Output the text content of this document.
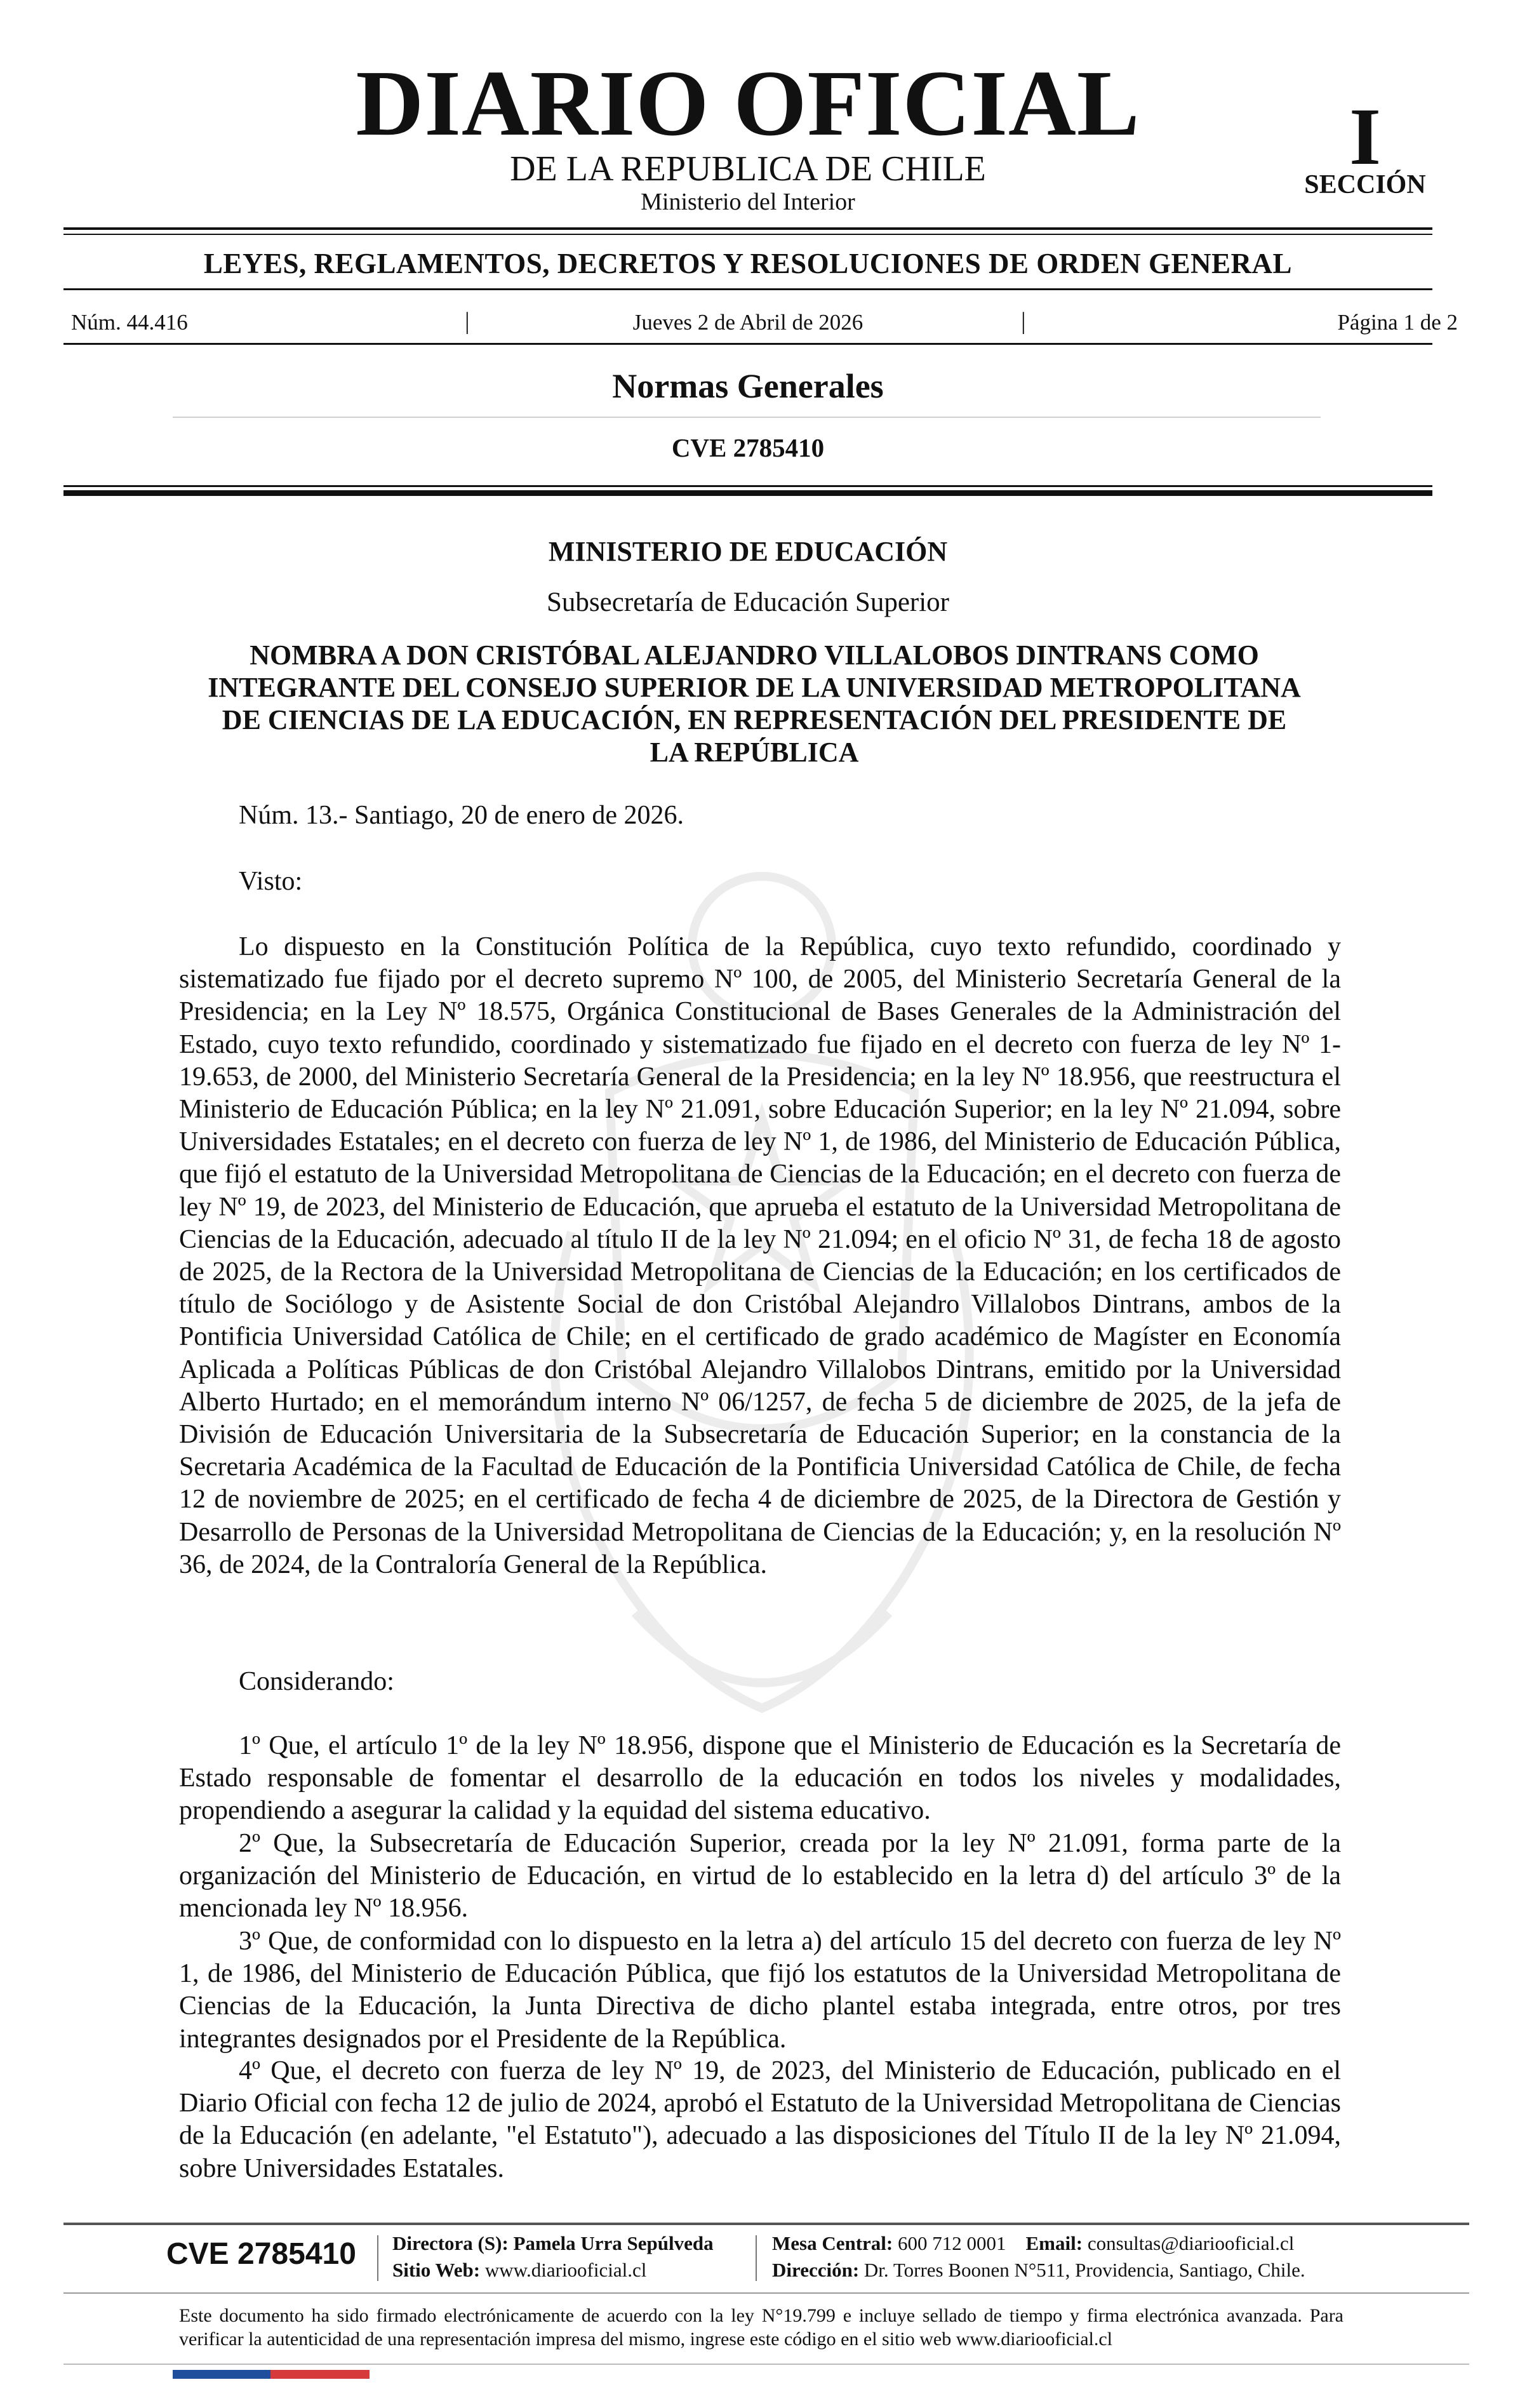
DIARIO OFICIAL
DE LA REPUBLICA DE CHILE
Ministerio del Interior
I
SECCIÓN
LEYES, REGLAMENTOS, DECRETOS Y RESOLUCIONES DE ORDEN GENERAL
Núm. 44.416	|	Jueves 2 de Abril de 2026	|	Página 1 de 2
Normas Generales
CVE 2785410
MINISTERIO DE EDUCACIÓN
Subsecretaría de Educación Superior
NOMBRA A DON CRISTÓBAL ALEJANDRO VILLALOBOS DINTRANS COMO INTEGRANTE DEL CONSEJO SUPERIOR DE LA UNIVERSIDAD METROPOLITANA DE CIENCIAS DE LA EDUCACIÓN, EN REPRESENTACIÓN DEL PRESIDENTE DE LA REPÚBLICA
Núm. 13.- Santiago, 20 de enero de 2026.
Visto:
Lo dispuesto en la Constitución Política de la República, cuyo texto refundido, coordinado y sistematizado fue fijado por el decreto supremo Nº 100, de 2005, del Ministerio Secretaría General de la Presidencia; en la Ley Nº 18.575, Orgánica Constitucional de Bases Generales de la Administración del Estado, cuyo texto refundido, coordinado y sistematizado fue fijado en el decreto con fuerza de ley Nº 1-19.653, de 2000, del Ministerio Secretaría General de la Presidencia; en la ley Nº 18.956, que reestructura el Ministerio de Educación Pública; en la ley Nº 21.091, sobre Educación Superior; en la ley Nº 21.094, sobre Universidades Estatales; en el decreto con fuerza de ley Nº 1, de 1986, del Ministerio de Educación Pública, que fijó el estatuto de la Universidad Metropolitana de Ciencias de la Educación; en el decreto con fuerza de ley Nº 19, de 2023, del Ministerio de Educación, que aprueba el estatuto de la Universidad Metropolitana de Ciencias de la Educación, adecuado al título II de la ley Nº 21.094; en el oficio Nº 31, de fecha 18 de agosto de 2025, de la Rectora de la Universidad Metropolitana de Ciencias de la Educación; en los certificados de título de Sociólogo y de Asistente Social de don Cristóbal Alejandro Villalobos Dintrans, ambos de la Pontificia Universidad Católica de Chile; en el certificado de grado académico de Magíster en Economía Aplicada a Políticas Públicas de don Cristóbal Alejandro Villalobos Dintrans, emitido por la Universidad Alberto Hurtado; en el memorándum interno Nº 06/1257, de fecha 5 de diciembre de 2025, de la jefa de División de Educación Universitaria de la Subsecretaría de Educación Superior; en la constancia de la Secretaria Académica de la Facultad de Educación de la Pontificia Universidad Católica de Chile, de fecha 12 de noviembre de 2025; en el certificado de fecha 4 de diciembre de 2025, de la Directora de Gestión y Desarrollo de Personas de la Universidad Metropolitana de Ciencias de la Educación; y, en la resolución Nº 36, de 2024, de la Contraloría General de la República.
Considerando:
1º Que, el artículo 1º de la ley Nº 18.956, dispone que el Ministerio de Educación es la Secretaría de Estado responsable de fomentar el desarrollo de la educación en todos los niveles y modalidades, propendiendo a asegurar la calidad y la equidad del sistema educativo.
2º Que, la Subsecretaría de Educación Superior, creada por la ley Nº 21.091, forma parte de la organización del Ministerio de Educación, en virtud de lo establecido en la letra d) del artículo 3º de la mencionada ley Nº 18.956.
3º Que, de conformidad con lo dispuesto en la letra a) del artículo 15 del decreto con fuerza de ley Nº 1, de 1986, del Ministerio de Educación Pública, que fijó los estatutos de la Universidad Metropolitana de Ciencias de la Educación, la Junta Directiva de dicho plantel estaba integrada, entre otros, por tres integrantes designados por el Presidente de la República.
4º Que, el decreto con fuerza de ley Nº 19, de 2023, del Ministerio de Educación, publicado en el Diario Oficial con fecha 12 de julio de 2024, aprobó el Estatuto de la Universidad Metropolitana de Ciencias de la Educación (en adelante, "el Estatuto"), adecuado a las disposiciones del Título II de la ley Nº 21.094, sobre Universidades Estatales.
CVE 2785410 Directora (S): Pamela Urra Sepúlveda
Sitio Web: www.diariooficial.cl
Mesa Central: 600 712 0001 Email: consultas@diariooficial.cl
Dirección: Dr. Torres Boonen N°511, Providencia, Santiago, Chile.
Este documento ha sido firmado electrónicamente de acuerdo con la ley N°19.799 e incluye sellado de tiempo y firma electrónica avanzada. Para verificar la autenticidad de una representación impresa del mismo, ingrese este código en el sitio web www.diariooficial.cl
